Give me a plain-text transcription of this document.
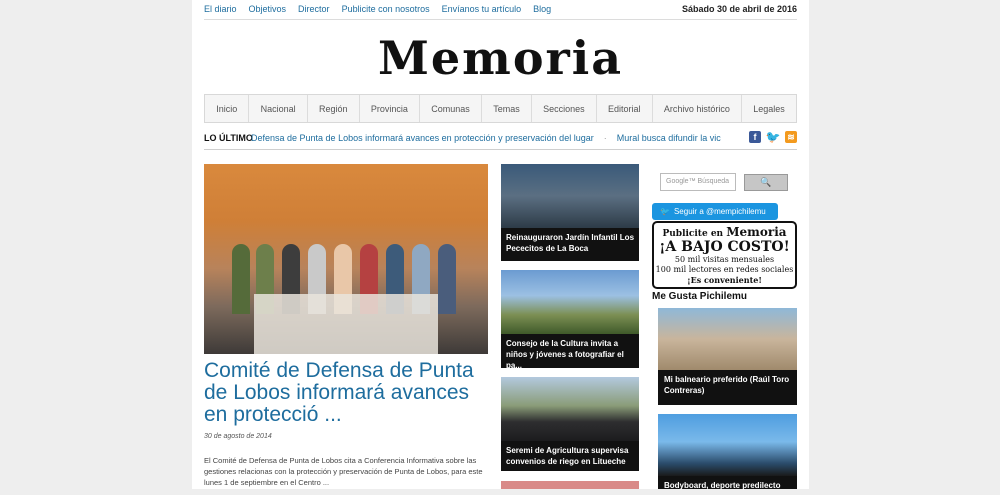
El diario Objetivos Director Publicite con nosotros Envíanos tu artículo Blog	Sábado 30 de abril de 2016
Memoria
Inicio	Nacional	Región	Provincia	Comunas	Temas	Secciones	Editorial	Archivo histórico	Legales
LO ÚLTIMO
Defensa de Punta de Lobos informará avances en protección y preservación del lugar · Mural busca difundir la vic	f 🐦 ≋
Comité de Defensa de Punta de Lobos informará avances en protecció ...
30 de agosto de 2014
El Comité de Defensa de Punta de Lobos cita a Conferencia Informativa sobre las gestiones relacionas con la protección y preservación de Punta de Lobos, para este lunes 1 de septiembre en el Centro ...
Reinauguraron Jardín Infantil Los Pececitos de La Boca
Consejo de la Cultura invita a niños y jóvenes a fotografiar el pa...
Seremi de Agricultura supervisa convenios de riego en Litueche
Google™ Búsqueda	🔍
🐦 Seguir a @mempichilemu
Publicite en Memoria
¡A BAJO COSTO!
50 mil visitas mensuales
100 mil lectores en redes sociales
¡Es conveniente!
Me Gusta Pichilemu
Mi balneario preferido (Raúl Toro Contreras)
Bodyboard, deporte predilecto
